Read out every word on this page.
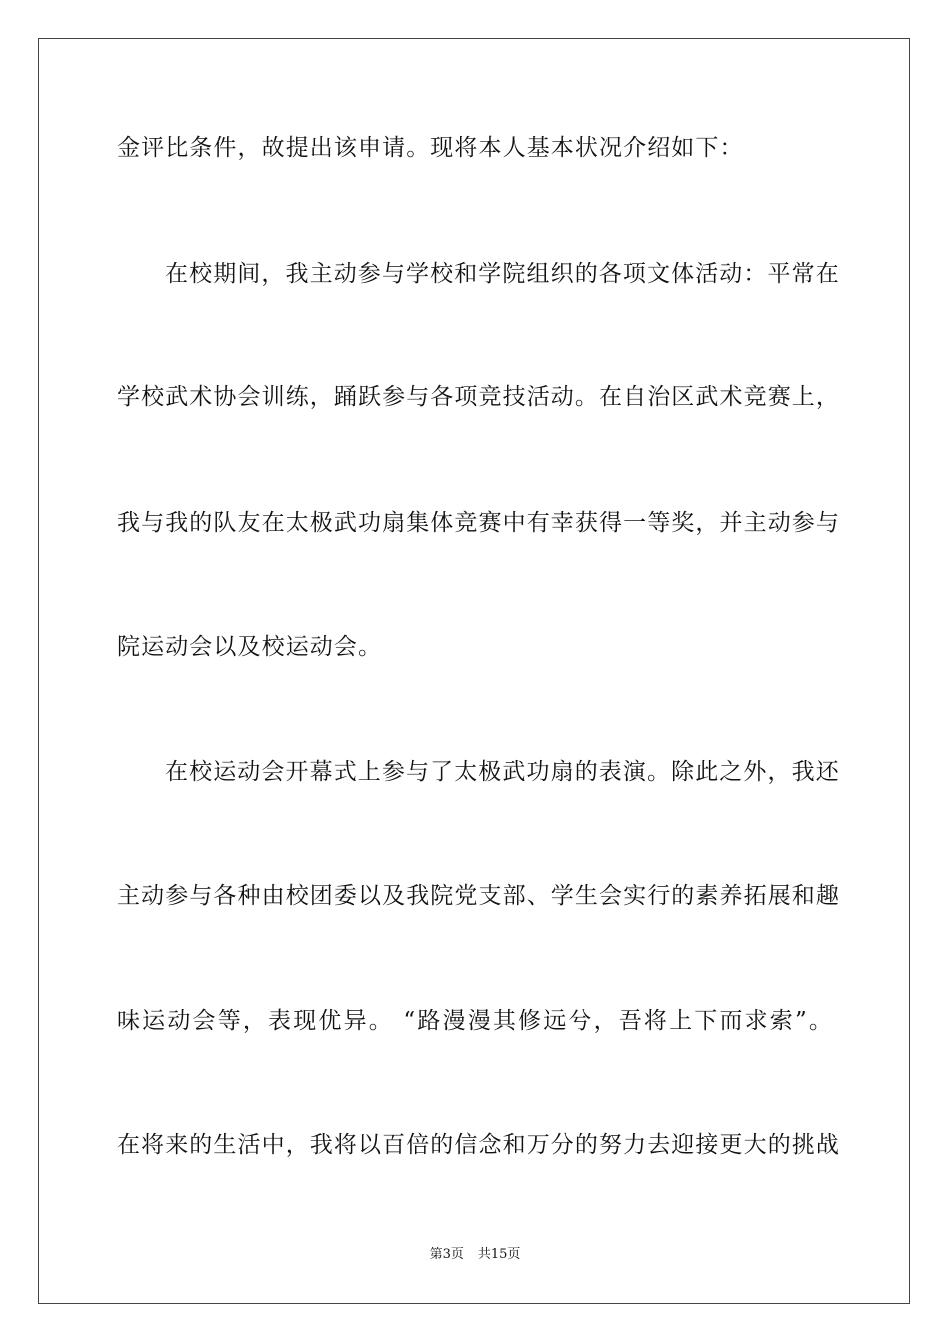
金评比条件，故提出该申请。现将本人基本状况介绍如下：
在校期间，我主动参与学校和学院组织的各项文体活动：平常在
学校武术协会训练，踊跃参与各项竞技活动。在自治区武术竞赛上，
我与我的队友在太极武功扇集体竞赛中有幸获得一等奖，并主动参与
院运动会以及校运动会。
在校运动会开幕式上参与了太极武功扇的表演。除此之外，我还
主动参与各种由校团委以及我院党支部、学生会实行的素养拓展和趣
味运动会等，表现优异。 “路漫漫其修远兮，吾将上下而求索”。
在将来的生活中，我将以百倍的信念和万分的努力去迎接更大的挑战
第3页 共15页
